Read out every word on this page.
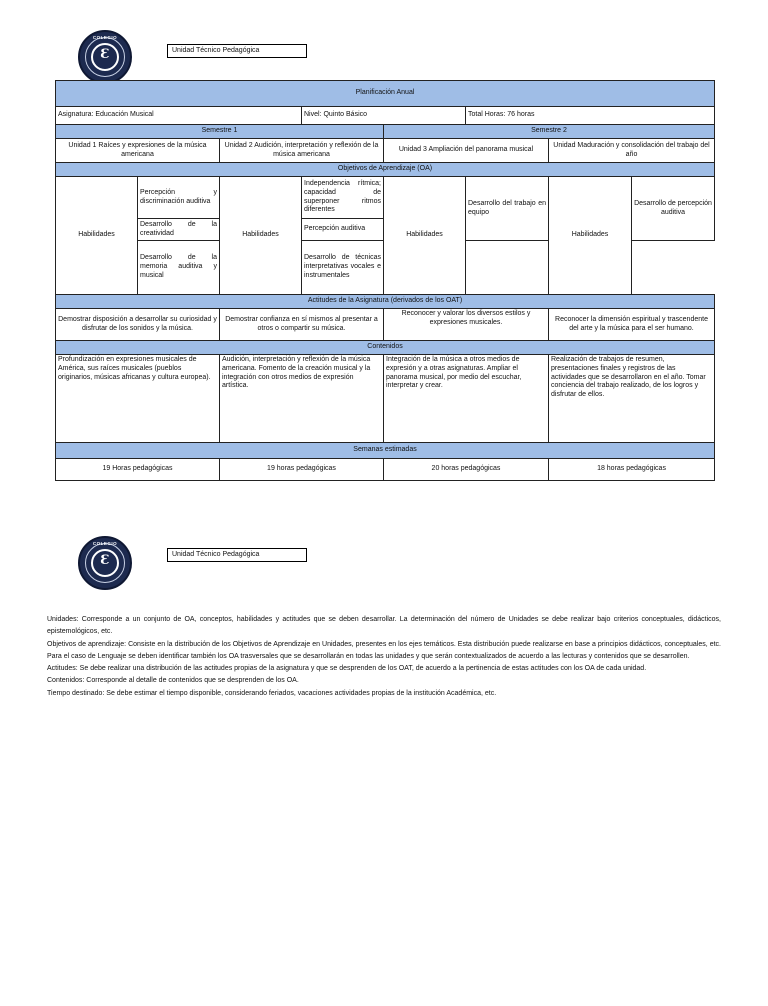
COLEGIO
Ɛ	Unidad Técnico Pedagógica
Planificación Anual							
Asignatura: Educación Musical			Nivel: Quinto Básico		Total Horas: 76 horas		
Semestre 1				Semestre 2			
Unidad 1 Raíces y expresiones de la música americana		Unidad 2 Audición, interpretación y reflexión de la música americana		Unidad 3 Ampliación del panorama musical		Unidad Maduración y consolidación del trabajo del año	
Objetivos de Aprendizaje (OA)							
Habilidades	Percepción y discriminación auditiva	Habilidades	Independencia rítmica; capacidad de superponer ritmos diferentes	Habilidades	Desarrollo del trabajo en equipo	Habilidades	Desarrollo de percepción auditiva
	Desarrollo de la creatividad		Percepción auditiva				
	Desarrollo de la memoria auditiva y musical		Desarrollo de técnicas interpretativas vocales e instrumentales				
Actitudes de la Asignatura (derivados de los OAT)							
Demostrar disposición a desarrollar su curiosidad y disfrutar de los sonidos y la música.		Demostrar confianza en sí mismos al presentar a otros o compartir su música.		Reconocer y valorar los diversos estilos y expresiones musicales.		Reconocer la dimensión espiritual y trascendente del arte y la música para el ser humano.	
Contenidos							
Profundización en expresiones musicales de América, sus raíces musicales (pueblos originarios, músicas africanas y cultura europea).		Audición, interpretación y reflexión de la música americana. Fomento de la creación musical y la integración con otros medios de expresión artística.		Integración de la música a otros medios de expresión y a otras asignaturas. Ampliar el panorama musical, por medio del escuchar, interpretar y crear.		Realización de trabajos de resumen, presentaciones finales y registros de las actividades que se desarrollaron en el año. Tomar conciencia del trabajo realizado, de los logros y disfrutar de ellos.	
Semanas estimadas							
19 Horas pedagógicas		19 horas pedagógicas		20 horas pedagógicas		18 horas pedagógicas	
COLEGIO
Ɛ	Unidad Técnico Pedagógica

Unidades: Corresponde a un conjunto de OA, conceptos, habilidades y actitudes que se deben desarrollar. La determinación del número de Unidades se debe realizar bajo criterios conceptuales, didácticos, epistemológicos, etc.

Objetivos de aprendizaje: Consiste en la distribución de los Objetivos de Aprendizaje en Unidades, presentes en los ejes temáticos. Esta distribución puede realizarse en base a principios didácticos, conceptuales, etc. Para el caso de Lenguaje se deben identificar también los OA trasversales que se desarrollarán en todas las unidades y que serán contextualizados de acuerdo a las lecturas y contenidos que se desarrollen.

Actitudes: Se debe realizar una distribución de las actitudes propias de la asignatura y que se desprenden de los OAT, de acuerdo a la pertinencia de estas actitudes con los OA de cada unidad.

Contenidos: Corresponde al detalle de contenidos que se desprenden de los OA.

Tiempo destinado: Se debe estimar el tiempo disponible, considerando feriados, vacaciones actividades propias de la institución Académica, etc.
